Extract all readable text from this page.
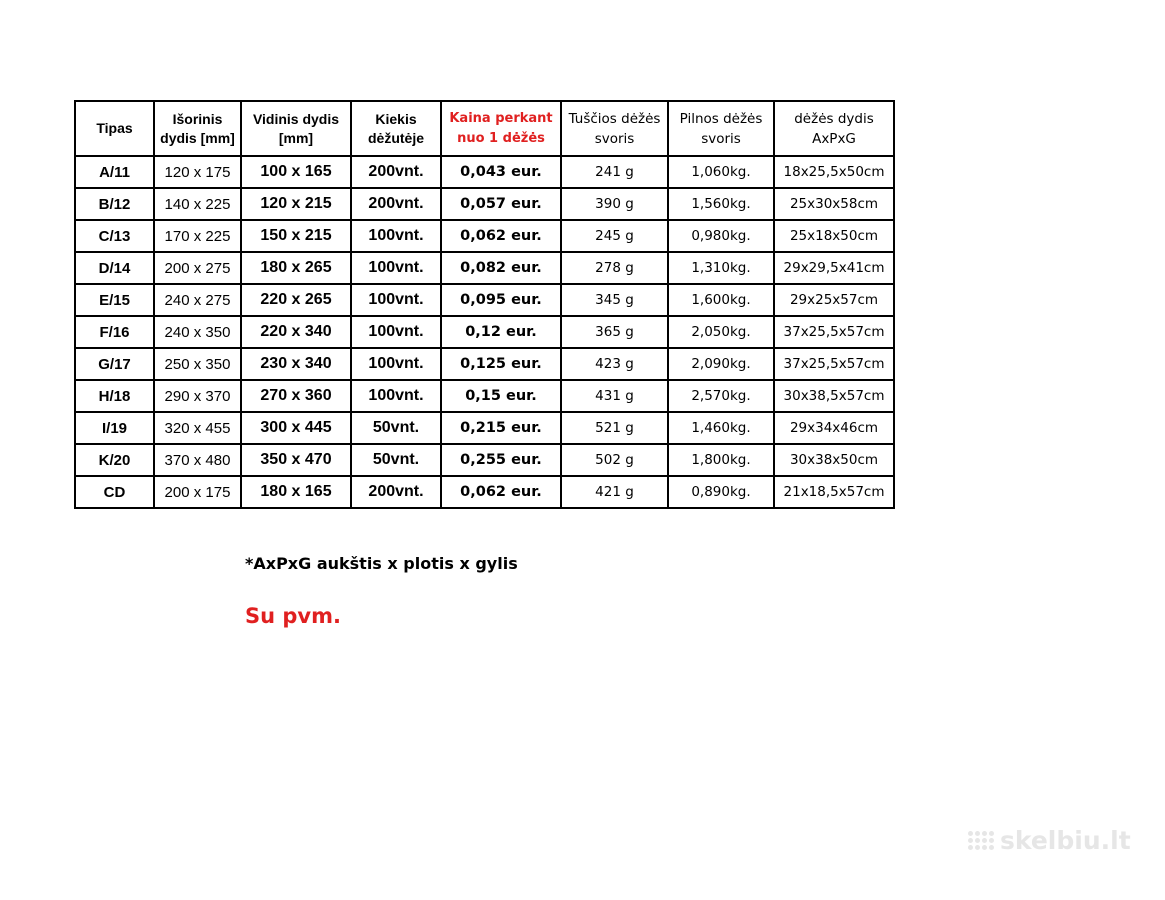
Tipas	Išorinis dydis [mm]	Vidinis dydis [mm]	Kiekis dėžutėje	Kaina perkant nuo 1 dėžės	Tuščios dėžės svoris	Pilnos dėžės svoris	dėžės dydis AxPxG
A/11	120 x 175	100 x 165	200vnt.	0,043 eur.	241 g	1,060kg.	18x25,5x50cm
B/12	140 x 225	120 x 215	200vnt.	0,057 eur.	390 g	1,560kg.	25x30x58cm
C/13	170 x 225	150 x 215	100vnt.	0,062 eur.	245 g	0,980kg.	25x18x50cm
D/14	200 x 275	180 x 265	100vnt.	0,082 eur.	278 g	1,310kg.	29x29,5x41cm
E/15	240 x 275	220 x 265	100vnt.	0,095 eur.	345 g	1,600kg.	29x25x57cm
F/16	240 x 350	220 x 340	100vnt.	0,12 eur.	365 g	2,050kg.	37x25,5x57cm
G/17	250 x 350	230 x 340	100vnt.	0,125 eur.	423 g	2,090kg.	37x25,5x57cm
H/18	290 x 370	270 x 360	100vnt.	0,15 eur.	431 g	2,570kg.	30x38,5x57cm
I/19	320 x 455	300 x 445	50vnt.	0,215 eur.	521 g	1,460kg.	29x34x46cm
K/20	370 x 480	350 x 470	50vnt.	0,255 eur.	502 g	1,800kg.	30x38x50cm
CD	200 x 175	180 x 165	200vnt.	0,062 eur.	421 g	0,890kg.	21x18,5x57cm

*AxPxG aukštis x plotis x gylis

Su pvm.

skelbiu.lt
